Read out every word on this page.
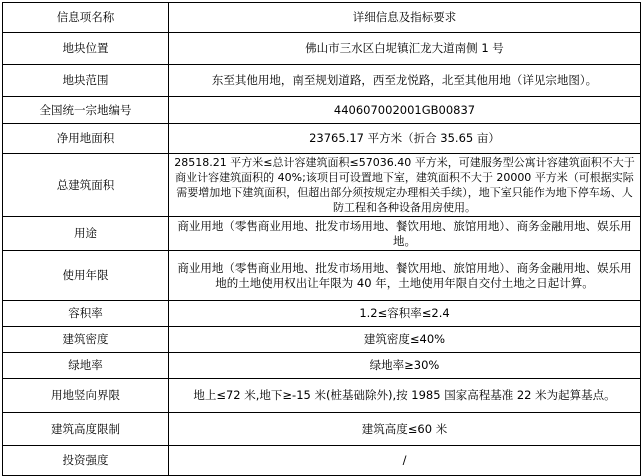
信息项名称	详细信息及指标要求
地块位置	佛山市三水区白坭镇汇龙大道南侧 1 号
地块范围	东至其他用地，南至规划道路，西至龙悦路，北至其他用地（详见宗地图）。
全国统一宗地编号	440607002001GB00837
净用地面积	23765.17 平方米（折合 35.65 亩）
总建筑面积	28518.21 平方米≤总计容建筑面积≤57036.40 平方米，可建服务型公寓计容建筑面积不大于商业计容建筑面积的 40%;该项目可设置地下室，建筑面积不大于 20000 平方米（可根据实际需要增加地下建筑面积，但超出部分须按规定办理相关手续），地下室只能作为地下停车场、人防工程和各种设备用房使用。
用途	商业用地（零售商业用地、批发市场用地、餐饮用地、旅馆用地）、商务金融用地、娱乐用地。
使用年限	商业用地（零售商业用地、批发市场用地、餐饮用地、旅馆用地）、商务金融用地、娱乐用地的土地使用权出让年限为 40 年，土地使用年限自交付土地之日起计算。
容积率	1.2≤容积率≤2.4
建筑密度	建筑密度≤40%
绿地率	绿地率≥30%
用地竖向界限	地上≤72 米,地下≥-15 米(桩基础除外),按 1985 国家高程基准 22 米为起算基点。
建筑高度限制	建筑高度≤60 米
投资强度	/
